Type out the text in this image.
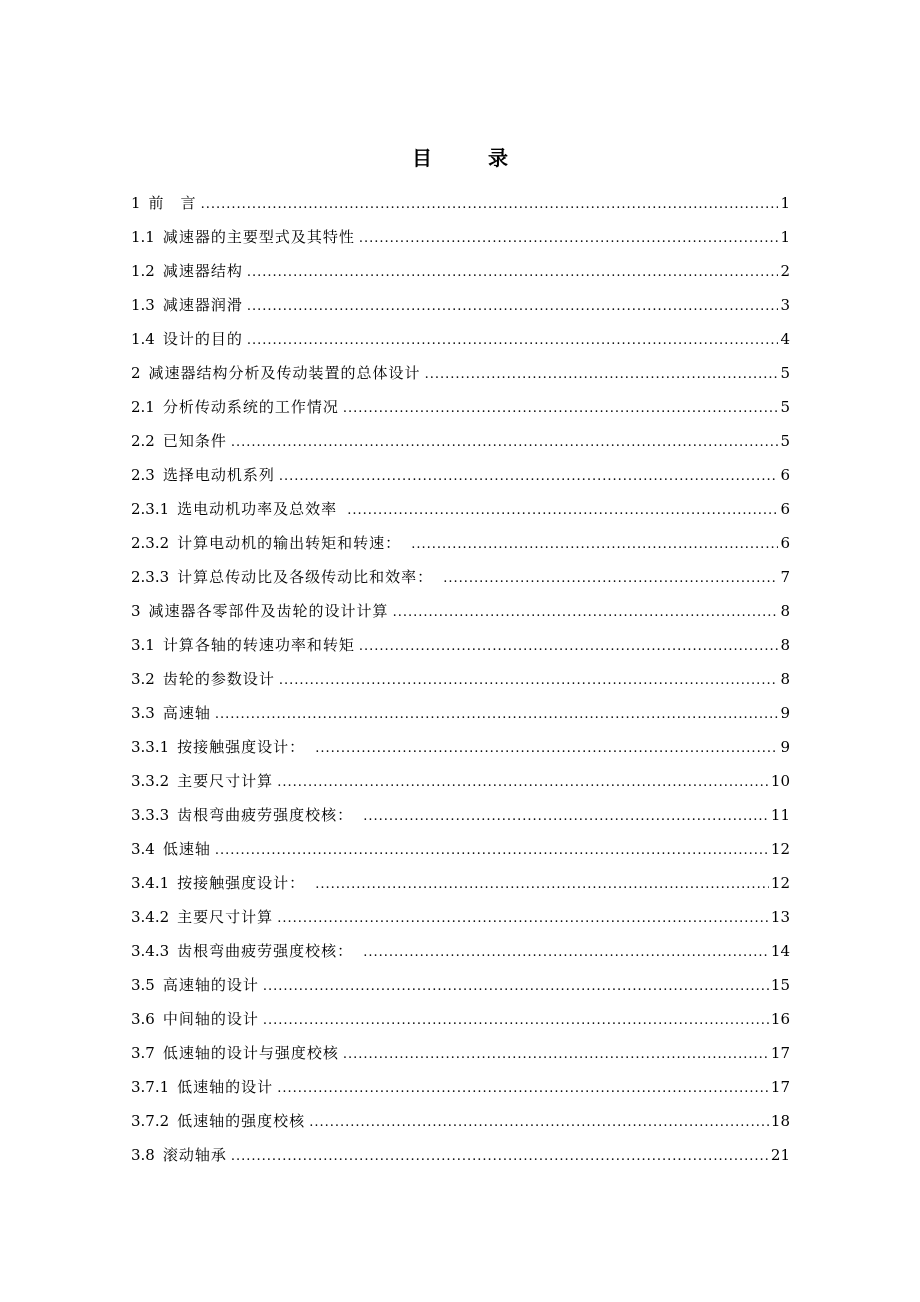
目　录
1 前　言 .....	1
1.1 减速器的主要型式及其特性 .....	1
1.2 减速器结构 .....	2
1.3 减速器润滑 .....	3
1.4 设计的目的 .....	4
2 减速器结构分析及传动装置的总体设计 .....	5
2.1 分析传动系统的工作情况 .....	5
2.2 已知条件 .....	5
2.3 选择电动机系列 .....	6
2.3.1 选电动机功率及总效率 .....	6
2.3.2 计算电动机的输出转矩和转速： .....	6
2.3.3 计算总传动比及各级传动比和效率： .....	7
3 减速器各零部件及齿轮的设计计算 .....	8
3.1 计算各轴的转速功率和转矩 .....	8
3.2 齿轮的参数设计 .....	8
3.3 高速轴 .....	9
3.3.1 按接触强度设计： .....	9
3.3.2 主要尺寸计算 .....	10
3.3.3 齿根弯曲疲劳强度校核： .....	11
3.4 低速轴 .....	12
3.4.1 按接触强度设计： .....	12
3.4.2 主要尺寸计算 .....	13
3.4.3 齿根弯曲疲劳强度校核： .....	14
3.5 高速轴的设计 .....	15
3.6 中间轴的设计 .....	16
3.7 低速轴的设计与强度校核 .....	17
3.7.1 低速轴的设计 .....	17
3.7.2 低速轴的强度校核 .....	18
3.8 滚动轴承 .....	21
